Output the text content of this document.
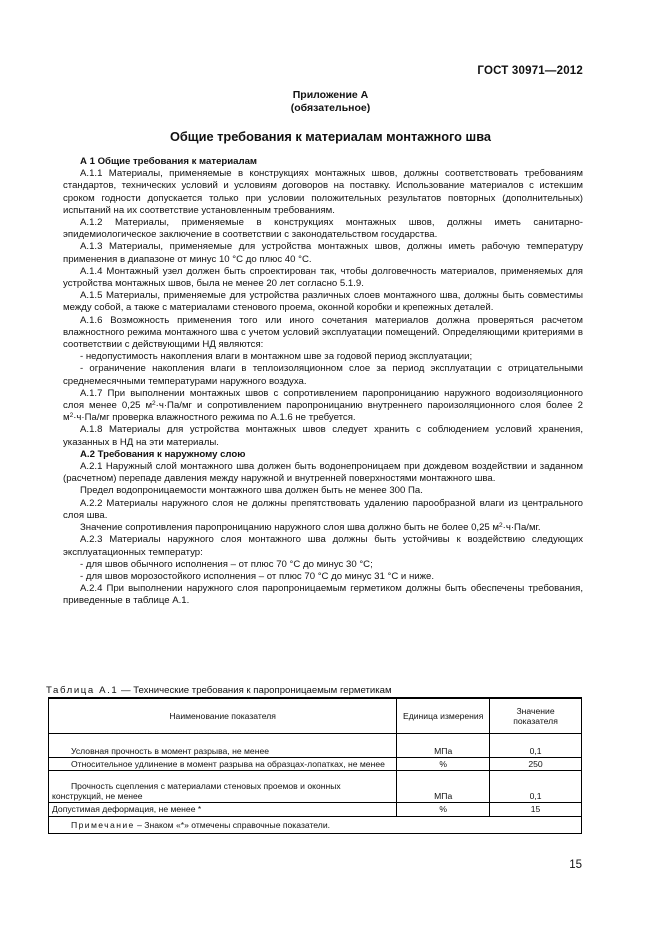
ГОСТ 30971—2012
Приложение А
(обязательное)
Общие требования к материалам монтажного шва

А 1 Общие требования к материалам

А.1.1 Материалы, применяемые в конструкциях монтажных швов, должны соответствовать требованиям стандартов, технических условий и условиям договоров на поставку. Использование материалов с истекшим сроком годности допускается только при условии положительных результатов повторных (дополнительных) испытаний на их соответствие установленным требованиям.

А.1.2 Материалы, применяемые в конструкциях монтажных швов, должны иметь санитарно-эпидемиологическое заключение в соответствии с законодательством государства.

А.1.3 Материалы, применяемые для устройства монтажных швов, должны иметь рабочую температуру применения в диапазоне от минус 10 °С до плюс 40 °С.

А.1.4 Монтажный узел должен быть спроектирован так, чтобы долговечность материалов, применяемых для устройства монтажных швов, была не менее 20 лет согласно 5.1.9.

А.1.5 Материалы, применяемые для устройства различных слоев монтажного шва, должны быть совместимы между собой, а также с материалами стенового проема, оконной коробки и крепежных деталей.

А.1.6 Возможность применения того или иного сочетания материалов должна проверяться расчетом влажностного режима монтажного шва с учетом условий эксплуатации помещений. Определяющими критериями в соответствии с действующими НД являются:

- недопустимость накопления влаги в монтажном шве за годовой период эксплуатации;

- ограничение накопления влаги в теплоизоляционном слое за период эксплуатации с отрицательными среднемесячными температурами наружного воздуха.

А.1.7 При выполнении монтажных швов с сопротивлением паропроницанию наружного водоизоляционного слоя менее 0,25 $м^2\cdot ч\cdot Па/мг$ и сопротивлением паропроницанию внутреннего пароизоляционного слоя более 2 $м^2\cdot ч\cdot Па/мг$ проверка влажностного режима по А.1.6 не требуется.

А.1.8 Материалы для устройства монтажных швов следует хранить с соблюдением условий хранения, указанных в НД на эти материалы.

А.2 Требования к наружному слою

А.2.1 Наружный слой монтажного шва должен быть водонепроницаем при дождевом воздействии и заданном (расчетном) перепаде давления между наружной и внутренней поверхностями монтажного шва.

Предел водопроницаемости монтажного шва должен быть не менее 300 Па.

А.2.2 Материалы наружного слоя не должны препятствовать удалению парообразной влаги из центрального слоя шва.

Значение сопротивления паропроницанию наружного слоя шва должно быть не более 0,25 $м^2\cdot ч\cdot Па/мг$.

А.2.3 Материалы наружного слоя монтажного шва должны быть устойчивы к воздействию следующих эксплуатационных температур:

- для швов обычного исполнения – от плюс 70 °С до минус 30 °С;

- для швов морозостойкого исполнения – от плюс 70 °С до минус 31 °С и ниже.

А.2.4 При выполнении наружного слоя паропроницаемым герметиком должны быть обеспечены требования, приведенные в таблице А.1.

Таблица А.1 — Технические требования к паропроницаемым герметикам
Наименование показателя	Единица измерения	Значение показателя
Условная прочность в момент разрыва, не менее	МПа	0,1
Относительное удлинение в момент разрыва на образцах-лопатках, не менее	%	250
Прочность сцепления с материалами стеновых проемов и оконных конструкций, не менее	МПа	0,1
Допустимая деформация, не менее *	%	15
Примечание – Знаком «*» отмечены справочные показатели.		
15
